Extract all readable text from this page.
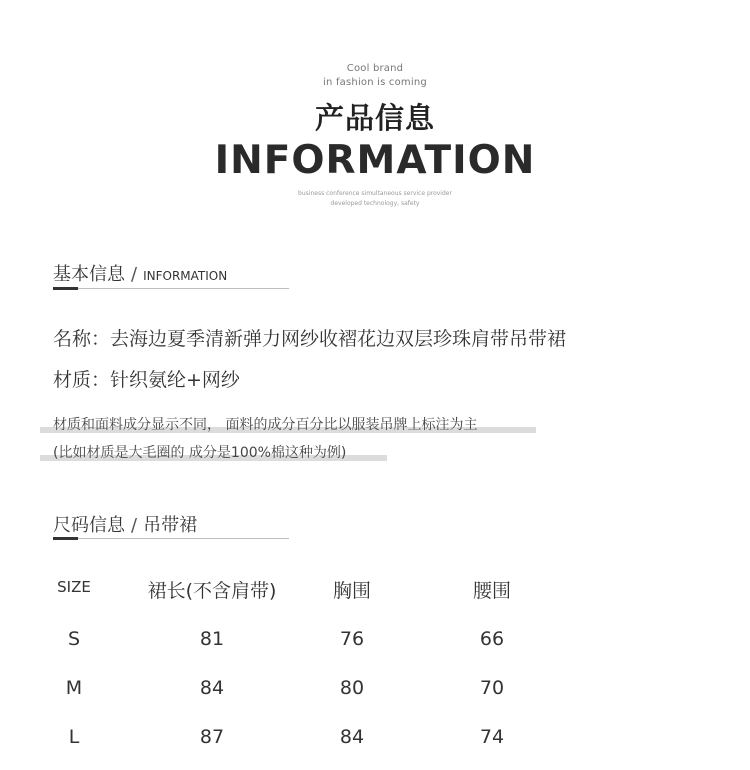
Cool brand
in fashion is coming
产品信息
INFORMATION
business conference simultaneous service provider
developed technology, safety
基本信息 / INFORMATION
名称：去海边夏季清新弹力网纱收褶花边双层珍珠肩带吊带裙
材质：针织氨纶+网纱
材质和面料成分显示不同， 面料的成分百分比以服装吊牌上标注为主
(比如材质是大毛圈的 成分是100%棉这种为例)
尺码信息 / 吊带裙
SIZE	裙长(不含肩带)	胸围	腰围
S	81	76	66
M	84	80	70
L	87	84	74
